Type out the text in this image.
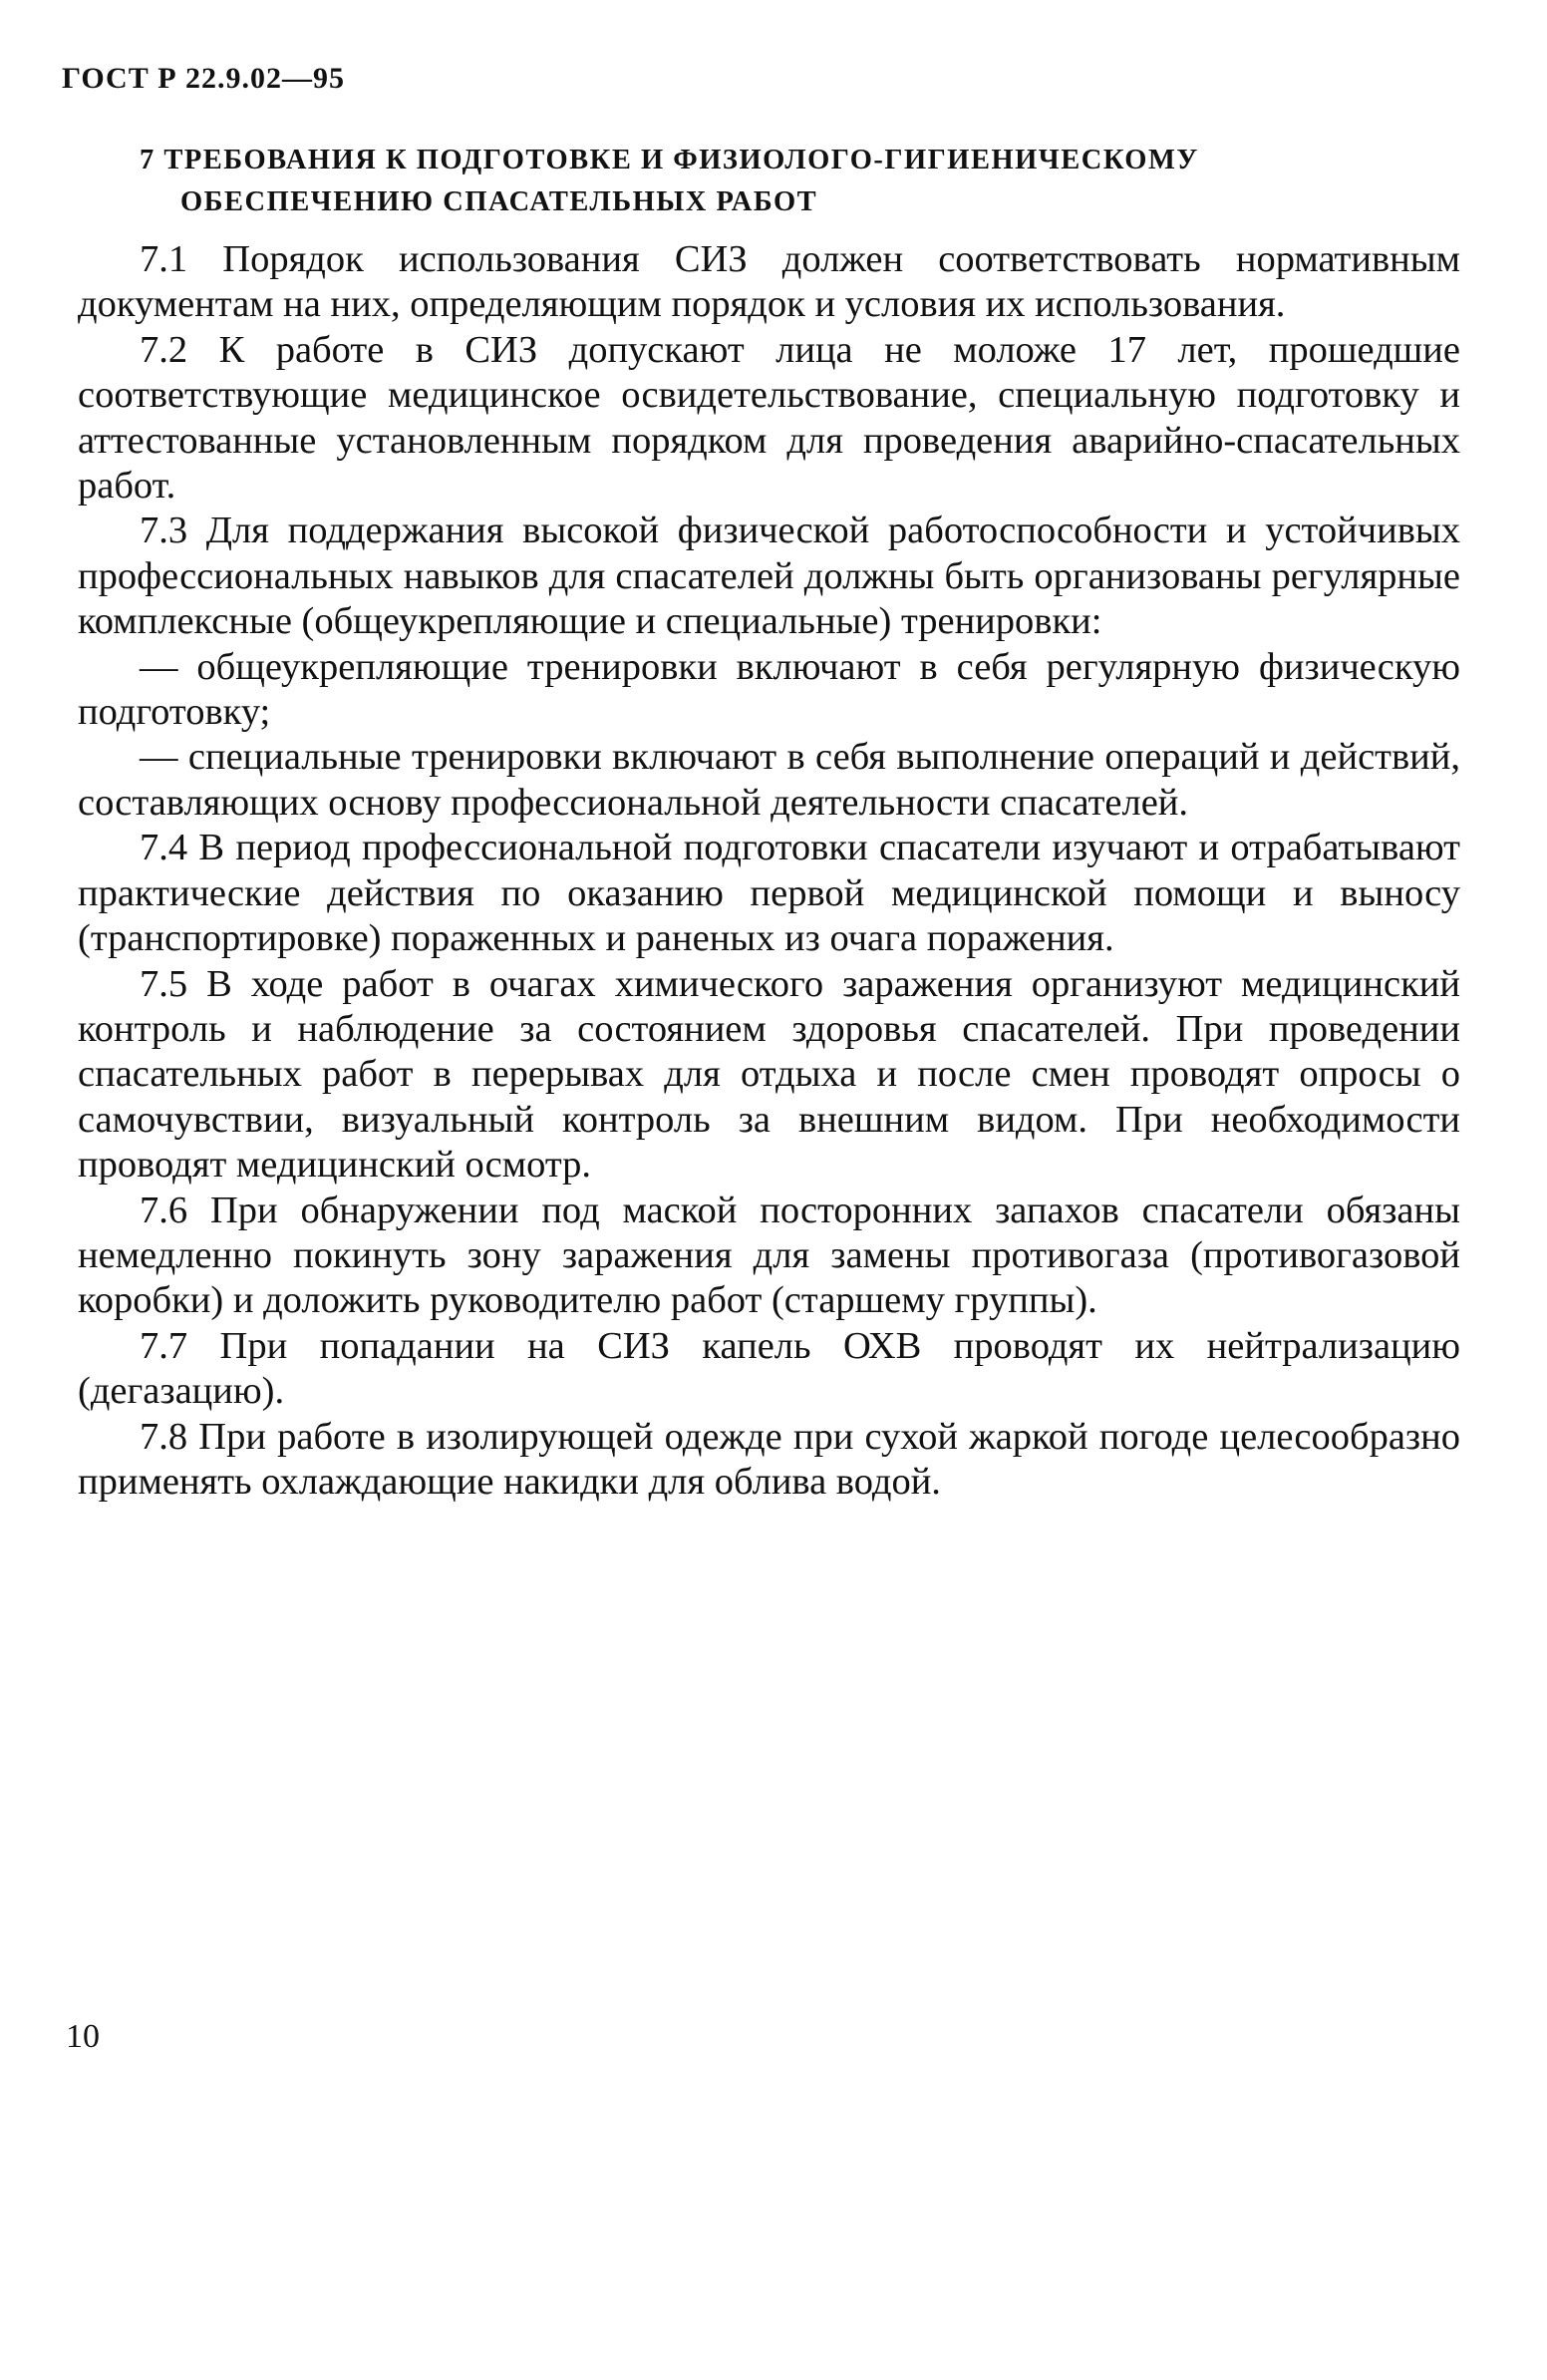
ГОСТ Р 22.9.02—95
7 ТРЕБОВАНИЯ К ПОДГОТОВКЕ И ФИЗИОЛОГО-ГИГИЕНИЧЕСКОМУ
ОБЕСПЕЧЕНИЮ СПАСАТЕЛЬНЫХ РАБОТ

7.1 Порядок использования СИЗ должен соответствовать нормативным документам на них, определяющим порядок и условия их использования.

7.2 К работе в СИЗ допускают лица не моложе 17 лет, прошедшие соответствующие медицинское освидетельствование, специальную подготовку и аттестованные установленным порядком для проведения аварийно-спасательных работ.

7.3 Для поддержания высокой физической работоспособности и устойчивых профессиональных навыков для спасателей должны быть организованы регулярные комплексные (общеукрепляющие и специальные) тренировки:

— общеукрепляющие тренировки включают в себя регулярную физическую подготовку;

— специальные тренировки включают в себя выполнение операций и действий, составляющих основу профессиональной деятельности спасателей.

7.4 В период профессиональной подготовки спасатели изучают и отрабатывают практические действия по оказанию первой медицинской помощи и выносу (транспортировке) пораженных и раненых из очага поражения.

7.5 В ходе работ в очагах химического заражения организуют медицинский контроль и наблюдение за состоянием здоровья спасателей. При проведении спасательных работ в перерывах для отдыха и после смен проводят опросы о самочувствии, визуальный контроль за внешним видом. При необходимости проводят медицинский осмотр.

7.6 При обнаружении под маской посторонних запахов спасатели обязаны немедленно покинуть зону заражения для замены противогаза (противогазовой коробки) и доложить руководителю работ (старшему группы).

7.7 При попадании на СИЗ капель ОХВ проводят их нейтрализацию (дегазацию).

7.8 При работе в изолирующей одежде при сухой жаркой погоде целесообразно применять охлаждающие накидки для облива водой.

10
